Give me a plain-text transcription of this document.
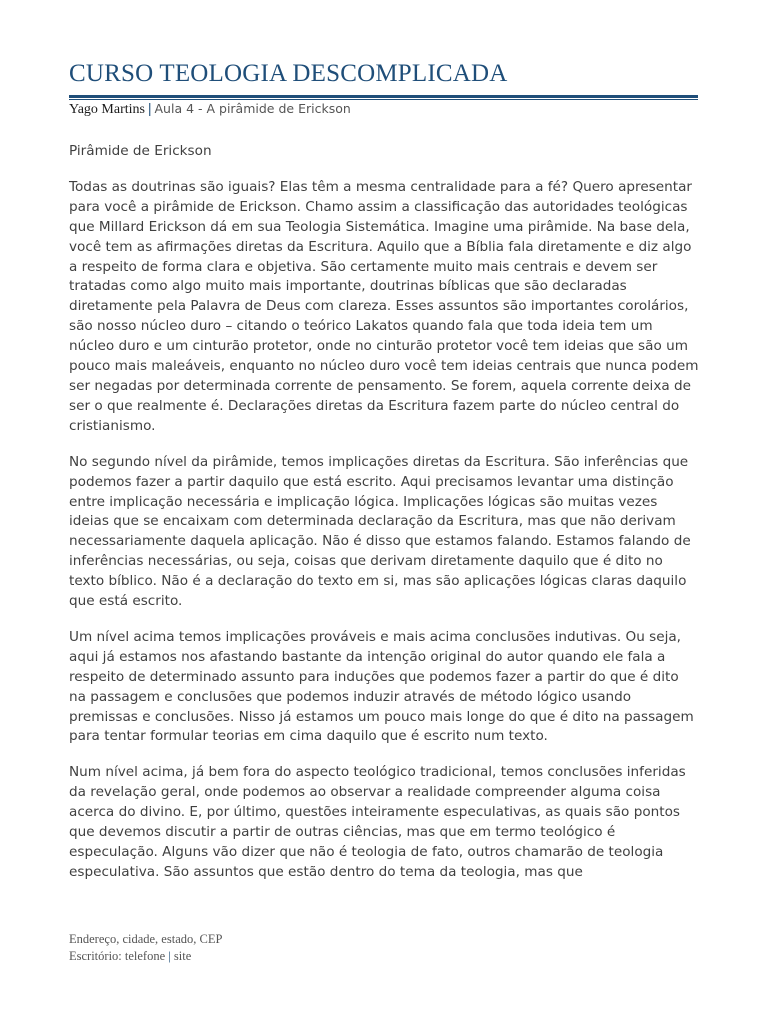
CURSO TEOLOGIA DESCOMPLICADA
Yago Martins | Aula 4 - A pirâmide de Erickson
Pirâmide de Erickson

Todas as doutrinas são iguais? Elas têm a mesma centralidade para a fé? Quero apresentar para você a pirâmide de Erickson. Chamo assim a classificação das autoridades teológicas que Millard Erickson dá em sua Teologia Sistemática. Imagine uma pirâmide. Na base dela, você tem as afirmações diretas da Escritura. Aquilo que a Bíblia fala diretamente e diz algo a respeito de forma clara e objetiva. São certamente muito mais centrais e devem ser tratadas como algo muito mais importante, doutrinas bíblicas que são declaradas diretamente pela Palavra de Deus com clareza. Esses assuntos são importantes corolários, são nosso núcleo duro – citando o teórico Lakatos quando fala que toda ideia tem um núcleo duro e um cinturão protetor, onde no cinturão protetor você tem ideias que são um pouco mais maleáveis, enquanto no núcleo duro você tem ideias centrais que nunca podem ser negadas por determinada corrente de pensamento. Se forem, aquela corrente deixa de ser o que realmente é. Declarações diretas da Escritura fazem parte do núcleo central do cristianismo.

No segundo nível da pirâmide, temos implicações diretas da Escritura. São inferências que podemos fazer a partir daquilo que está escrito. Aqui precisamos levantar uma distinção entre implicação necessária e implicação lógica. Implicações lógicas são muitas vezes ideias que se encaixam com determinada declaração da Escritura, mas que não derivam necessariamente daquela aplicação. Não é disso que estamos falando. Estamos falando de inferências necessárias, ou seja, coisas que derivam diretamente daquilo que é dito no texto bíblico. Não é a declaração do texto em si, mas são aplicações lógicas claras daquilo que está escrito.

Um nível acima temos implicações prováveis e mais acima conclusões indutivas. Ou seja, aqui já estamos nos afastando bastante da intenção original do autor quando ele fala a respeito de determinado assunto para induções que podemos fazer a partir do que é dito na passagem e conclusões que podemos induzir através de método lógico usando premissas e conclusões. Nisso já estamos um pouco mais longe do que é dito na passagem para tentar formular teorias em cima daquilo que é escrito num texto.

Num nível acima, já bem fora do aspecto teológico tradicional, temos conclusões inferidas da revelação geral, onde podemos ao observar a realidade compreender alguma coisa acerca do divino. E, por último, questões inteiramente especulativas, as quais são pontos que devemos discutir a partir de outras ciências, mas que em termo teológico é especulação. Alguns vão dizer que não é teologia de fato, outros chamarão de teologia especulativa. São assuntos que estão dentro do tema da teologia, mas que

Endereço, cidade, estado, CEP
Escritório: telefone | site
